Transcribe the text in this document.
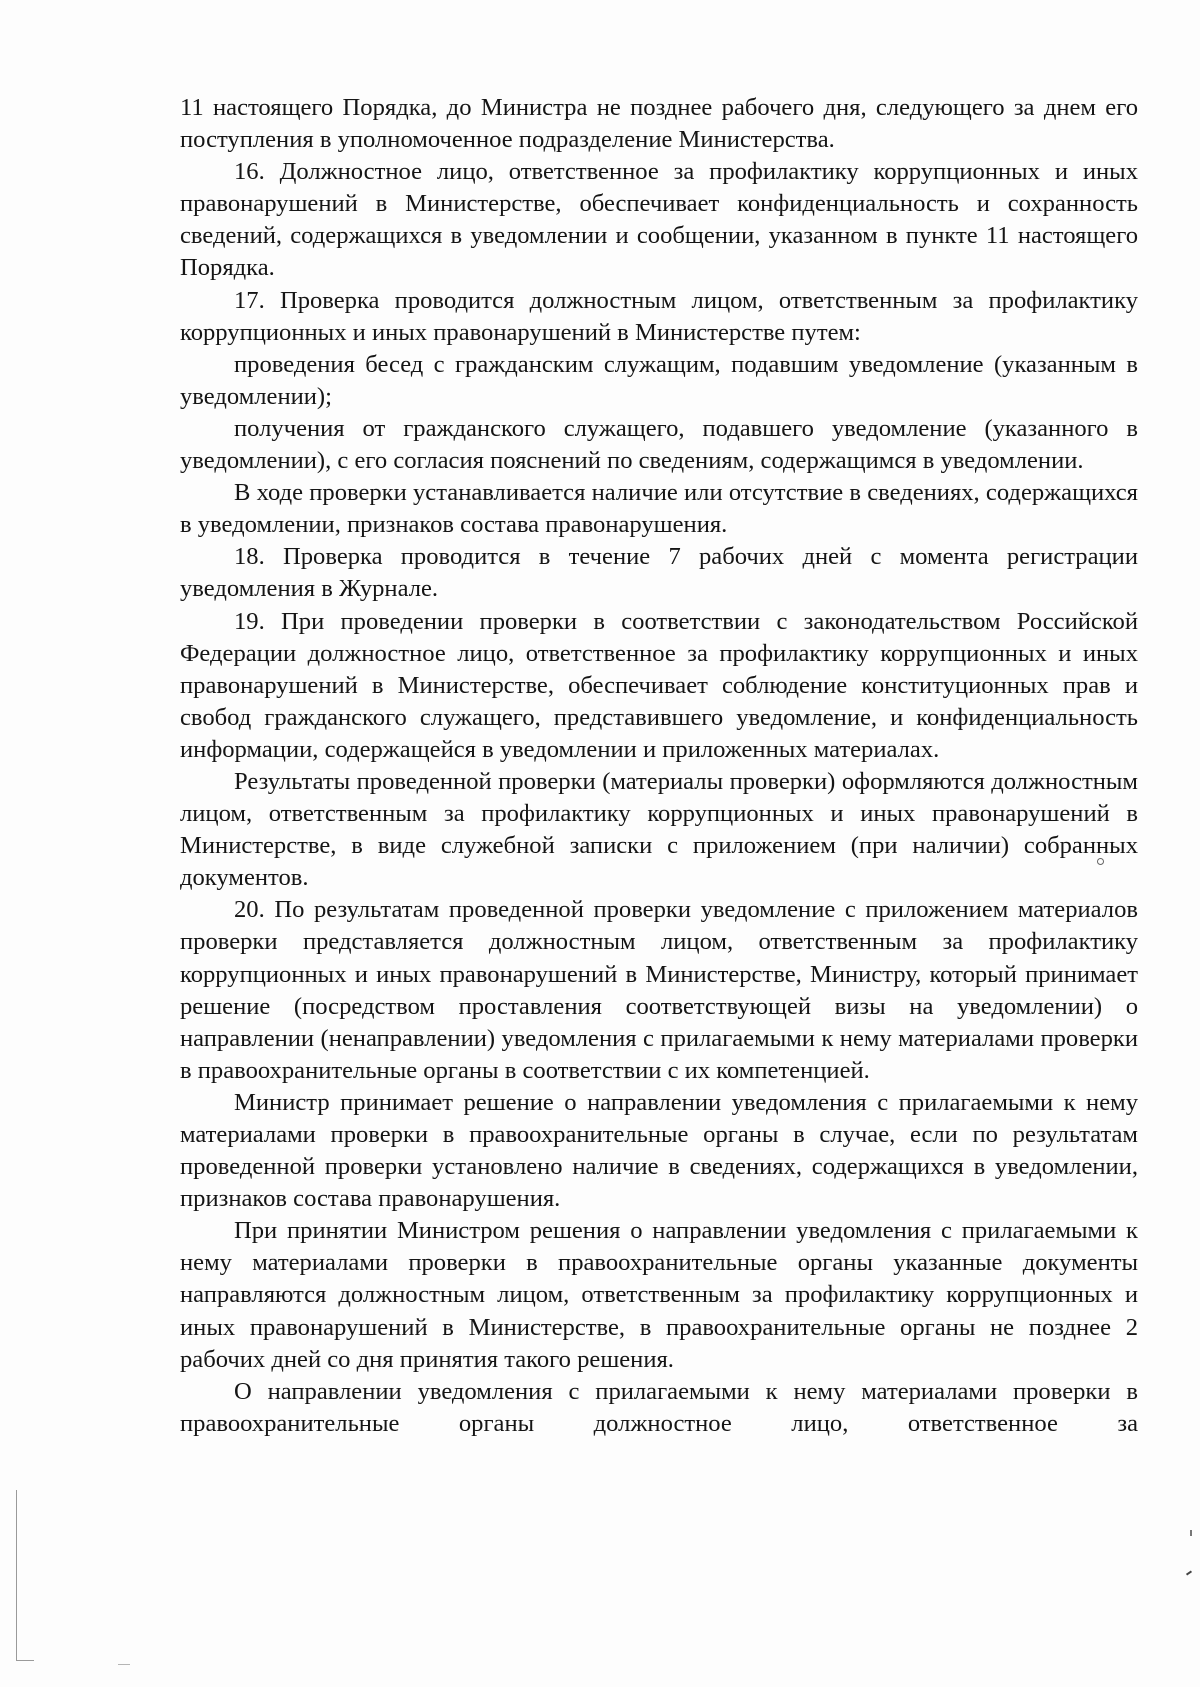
11 настоящего Порядка, до Министра не позднее рабочего дня, следующего за днем его поступления в уполномоченное подразделение Министерства.

16. Должностное лицо, ответственное за профилактику коррупционных и иных правонарушений в Министерстве, обеспечивает конфиденциальность и сохранность сведений, содержащихся в уведомлении и сообщении, указанном в пункте 11 настоящего Порядка.

17. Проверка проводится должностным лицом, ответственным за профилактику коррупционных и иных правонарушений в Министерстве путем:

проведения бесед с гражданским служащим, подавшим уведомление (указанным в уведомлении);

получения от гражданского служащего, подавшего уведомление (указанного в уведомлении), с его согласия пояснений по сведениям, содержащимся в уведомлении.

В ходе проверки устанавливается наличие или отсутствие в сведениях, содержащихся в уведомлении, признаков состава правонарушения.

18. Проверка проводится в течение 7 рабочих дней с момента регистрации уведомления в Журнале.

19. При проведении проверки в соответствии с законодательством Российской Федерации должностное лицо, ответственное за профилактику коррупционных и иных правонарушений в Министерстве, обеспечивает соблюдение конституционных прав и свобод гражданского служащего, представившего уведомление, и конфиденциальность информации, содержащейся в уведомлении и приложенных материалах.

Результаты проведенной проверки (материалы проверки) оформляются должностным лицом, ответственным за профилактику коррупционных и иных правонарушений в Министерстве, в виде служебной записки с приложением (при наличии) собранных документов.

20. По результатам проведенной проверки уведомление с приложением материалов проверки представляется должностным лицом, ответственным за профилактику коррупционных и иных правонарушений в Министерстве, Министру, который принимает решение (посредством проставления соответствующей визы на уведомлении) о направлении (ненаправлении) уведомления с прилагаемыми к нему материалами проверки в правоохранительные органы в соответствии с их компетенцией.

Министр принимает решение о направлении уведомления с прилагаемыми к нему материалами проверки в правоохранительные органы в случае, если по результатам проведенной проверки установлено наличие в сведениях, содержащихся в уведомлении, признаков состава правонарушения.

При принятии Министром решения о направлении уведомления с прилагаемыми к нему материалами проверки в правоохранительные органы указанные документы направляются должностным лицом, ответственным за профилактику коррупционных и иных правонарушений в Министерстве, в правоохранительные органы не позднее 2 рабочих дней со дня принятия такого решения.

О направлении уведомления с прилагаемыми к нему материалами проверки в правоохранительные органы должностное лицо, ответственное за
